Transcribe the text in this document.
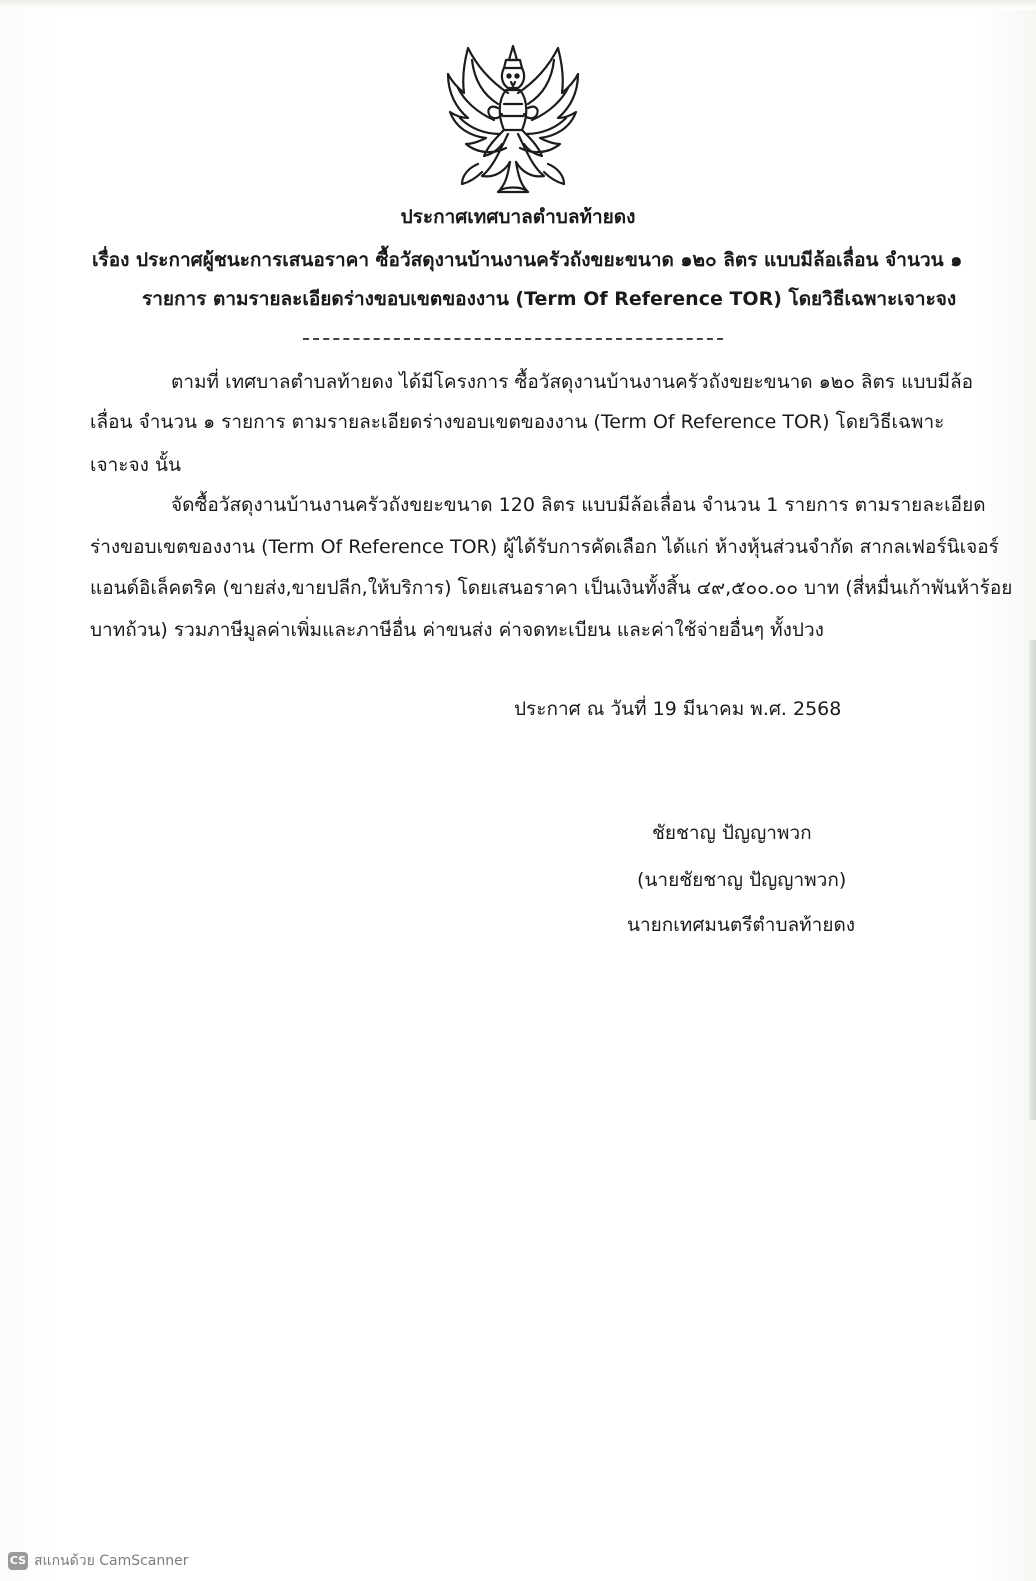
ประกาศเทศบาลตำบลท้ายดง
เรื่อง ประกาศผู้ชนะการเสนอราคา ซื้อวัสดุงานบ้านงานครัวถังขยะขนาด ๑๒๐ ลิตร แบบมีล้อเลื่อน จำนวน ๑
รายการ ตามรายละเอียดร่างขอบเขตของงาน (Term Of Reference TOR) โดยวิธีเฉพาะเจาะจง
ตามที่ เทศบาลตำบลท้ายดง ได้มีโครงการ ซื้อวัสดุงานบ้านงานครัวถังขยะขนาด ๑๒๐ ลิตร แบบมีล้อ
เลื่อน จำนวน ๑ รายการ ตามรายละเอียดร่างขอบเขตของงาน (Term Of Reference TOR) โดยวิธีเฉพาะ
เจาะจง นั้น
จัดซื้อวัสดุงานบ้านงานครัวถังขยะขนาด 120 ลิตร แบบมีล้อเลื่อน จำนวน 1 รายการ ตามรายละเอียด
ร่างขอบเขตของงาน (Term Of Reference TOR) ผู้ได้รับการคัดเลือก ได้แก่ ห้างหุ้นส่วนจำกัด สากลเฟอร์นิเจอร์
แอนด์อิเล็คตริค (ขายส่ง,ขายปลีก,ให้บริการ) โดยเสนอราคา เป็นเงินทั้งสิ้น ๔๙,๕๐๐.๐๐ บาท (สี่หมื่นเก้าพันห้าร้อย
บาทถ้วน) รวมภาษีมูลค่าเพิ่มและภาษีอื่น ค่าขนส่ง ค่าจดทะเบียน และค่าใช้จ่ายอื่นๆ ทั้งปวง
ประกาศ ณ วันที่ 19 มีนาคม พ.ศ. 2568
ชัยชาญ ปัญญาพวก
(นายชัยชาญ ปัญญาพวก)
นายกเทศมนตรีตำบลท้ายดง
CS สแกนด้วย CamScanner
